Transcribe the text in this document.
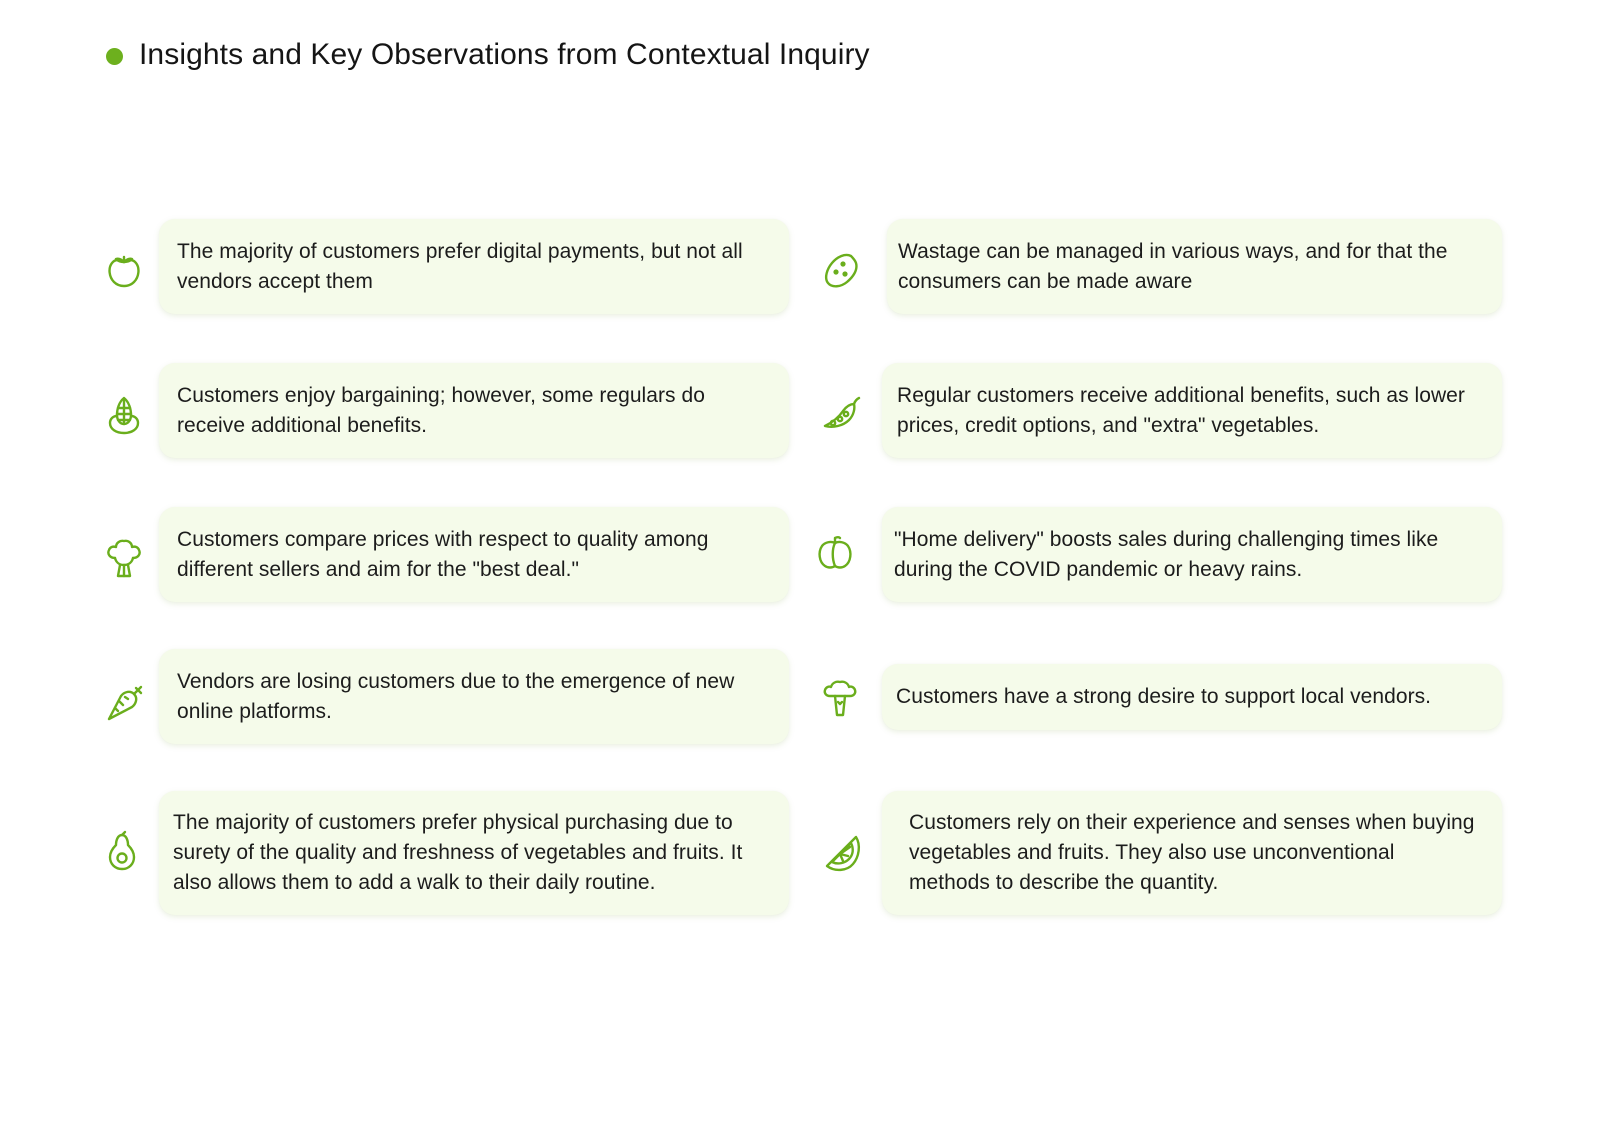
Insights and Key Observations from Contextual Inquiry
The majority of customers prefer digital payments, but not all vendors accept them
Customers enjoy bargaining; however, some regulars do receive additional benefits.
Customers compare prices with respect to quality among different sellers and aim for the "best deal."
Vendors are losing customers due to the emergence of new online platforms.
The majority of customers prefer physical purchasing due to surety of the quality and freshness of vegetables and fruits. It also allows them to add a walk to their daily routine.
Wastage can be managed in various ways, and for that the consumers can be made aware
Regular customers receive additional benefits, such as lower prices, credit options, and "extra" vegetables.
"Home delivery" boosts sales during challenging times like during the COVID pandemic or heavy rains.
Customers have a strong desire to support local vendors.
Customers rely on their experience and senses when buying vegetables and fruits. They also use unconventional methods to describe the quantity.
